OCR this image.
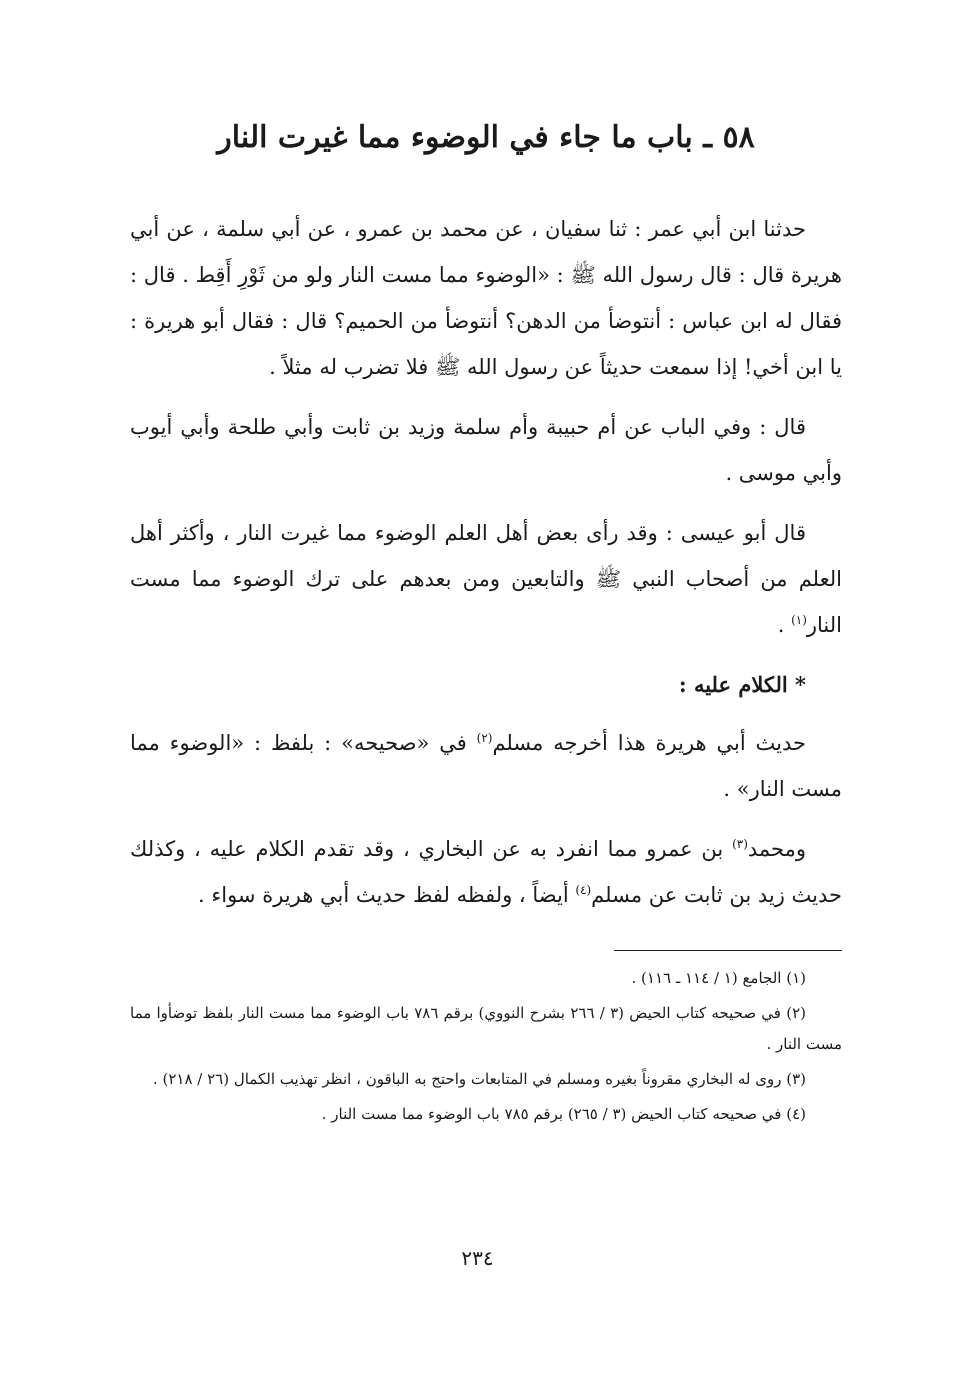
٥٨ ـ باب ما جاء في الوضوء مما غيرت النار

حدثنا ابن أبي عمر : ثنا سفيان ، عن محمد بن عمرو ، عن أبي سلمة ، عن أبي هريرة قال : قال رسول الله ﷺ : «الوضوء مما مست النار ولو من ثَوْرِ أَقِط . قال : فقال له ابن عباس : أنتوضأ من الدهن؟ أنتوضأ من الحميم؟ قال : فقال أبو هريرة : يا ابن أخي! إذا سمعت حديثاً عن رسول الله ﷺ فلا تضرب له مثلاً .

قال : وفي الباب عن أم حبيبة وأم سلمة وزيد بن ثابت وأبي طلحة وأبي أيوب وأبي موسى .

قال أبو عيسى : وقد رأى بعض أهل العلم الوضوء مما غيرت النار ، وأكثر أهل العلم من أصحاب النبي ﷺ والتابعين ومن بعدهم على ترك الوضوء مما مست النار$^{(١)}$ .

* الكلام عليه :

حديث أبي هريرة هذا أخرجه مسلم$^{(٢)}$ في «صحيحه» : بلفظ : «الوضوء مما مست النار» .

ومحمد$^{(٣)}$ بن عمرو مما انفرد به عن البخاري ، وقد تقدم الكلام عليه ، وكذلك حديث زيد بن ثابت عن مسلم$^{(٤)}$ أيضاً ، ولفظه لفظ حديث أبي هريرة سواء .

(١) الجامع (١ / ١١٤ ـ ١١٦) .

(٢) في صحيحه كتاب الحيض (٣ / ٢٦٦ بشرح النووي) برقم ٧٨٦ باب الوضوء مما مست النار بلفظ توضأوا مما مست النار .

(٣) روى له البخاري مقروناً بغيره ومسلم في المتابعات واحتج به الباقون ، انظر تهذيب الكمال (٢٦ / ٢١٨) .

(٤) في صحيحه كتاب الحيض (٣ / ٢٦٥) برقم ٧٨٥ باب الوضوء مما مست النار .

٢٣٤
